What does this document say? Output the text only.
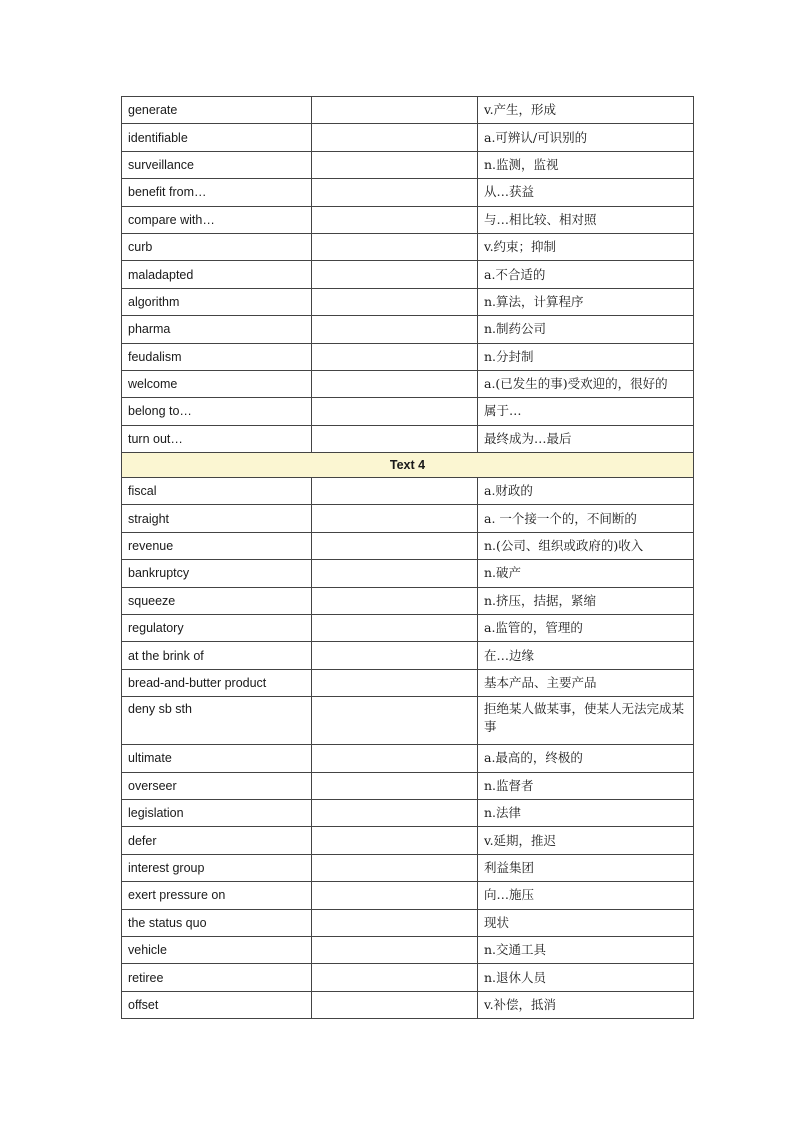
generate		v.产生，形成
identifiable		a.可辨认/可识别的
surveillance		n.监测，监视
benefit from…		从…获益
compare with…		与…相比较、相对照
curb		v.约束；抑制
maladapted		a.不合适的
algorithm		n.算法，计算程序
pharma		n.制药公司
feudalism		n.分封制
welcome		a.(已发生的事)受欢迎的，很好的
belong to…		属于…
turn out…		最终成为…最后
Text 4		
fiscal		a.财政的
straight		a. 一个接一个的，不间断的
revenue		n.(公司、组织或政府的)收入
bankruptcy		n.破产
squeeze		n.挤压，拮据，紧缩
regulatory		a.监管的，管理的
at the brink of		在…边缘
bread-and-butter product		基本产品、主要产品
deny sb sth		拒绝某人做某事，使某人无法完成某事
ultimate		a.最高的，终极的
overseer		n.监督者
legislation		n.法律
defer		v.延期，推迟
interest group		利益集团
exert pressure on		向…施压
the status quo		现状
vehicle		n.交通工具
retiree		n.退休人员
offset		v.补偿，抵消
